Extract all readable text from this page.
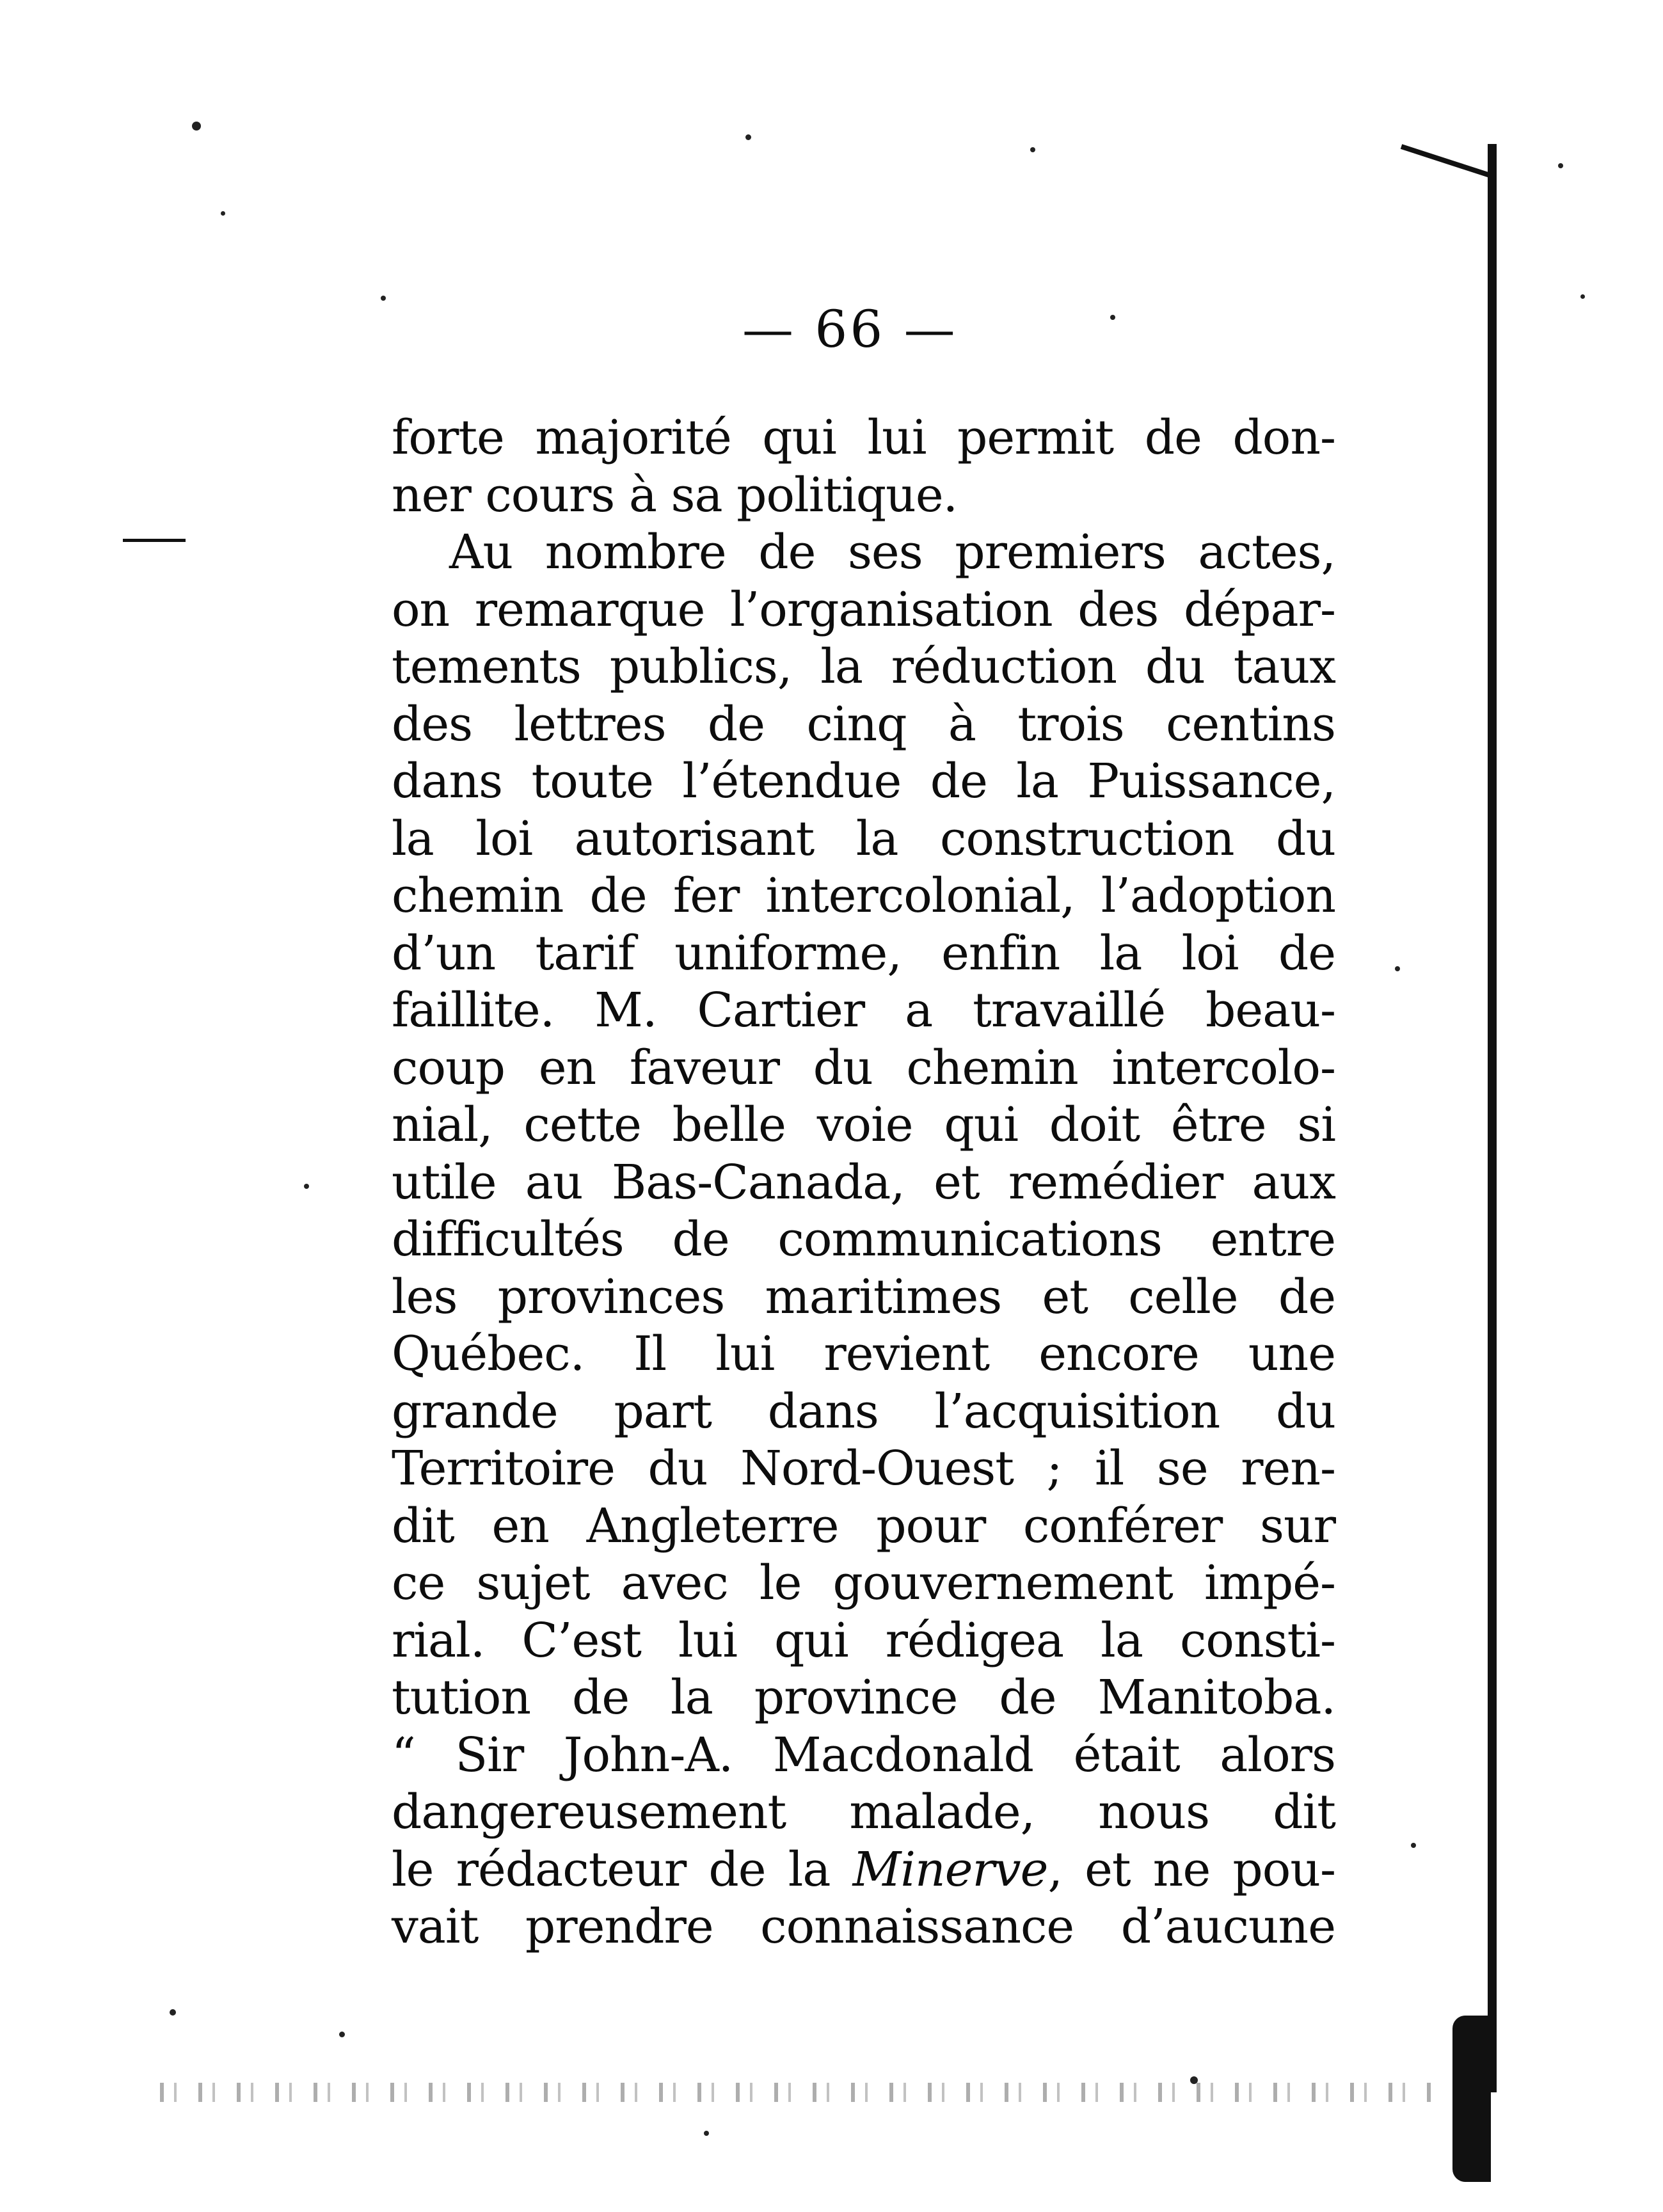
— 66 —
forte majorité qui lui permit de don-
ner cours à sa politique.
Au nombre de ses premiers actes,
on remarque l’organisation des dépar-
tements publics, la réduction du taux
des lettres de cinq à trois centins
dans toute l’étendue de la Puissance,
la loi autorisant la construction du
chemin de fer intercolonial, l’adoption
d’un tarif uniforme, enfin la loi de
faillite. M. Cartier a travaillé beau-
coup en faveur du chemin intercolo-
nial, cette belle voie qui doit être si
utile au Bas-Canada, et remédier aux
difficultés de communications entre
les provinces maritimes et celle de
Québec. Il lui revient encore une
grande part dans l’acquisition du
Territoire du Nord-Ouest ; il se ren-
dit en Angleterre pour conférer sur
ce sujet avec le gouvernement impé-
rial. C’est lui qui rédigea la consti-
tution de la province de Manitoba.
“ Sir John-A. Macdonald était alors
dangereusement malade, nous dit
le rédacteur de la Minerve, et ne pou-
vait prendre connaissance d’aucune
